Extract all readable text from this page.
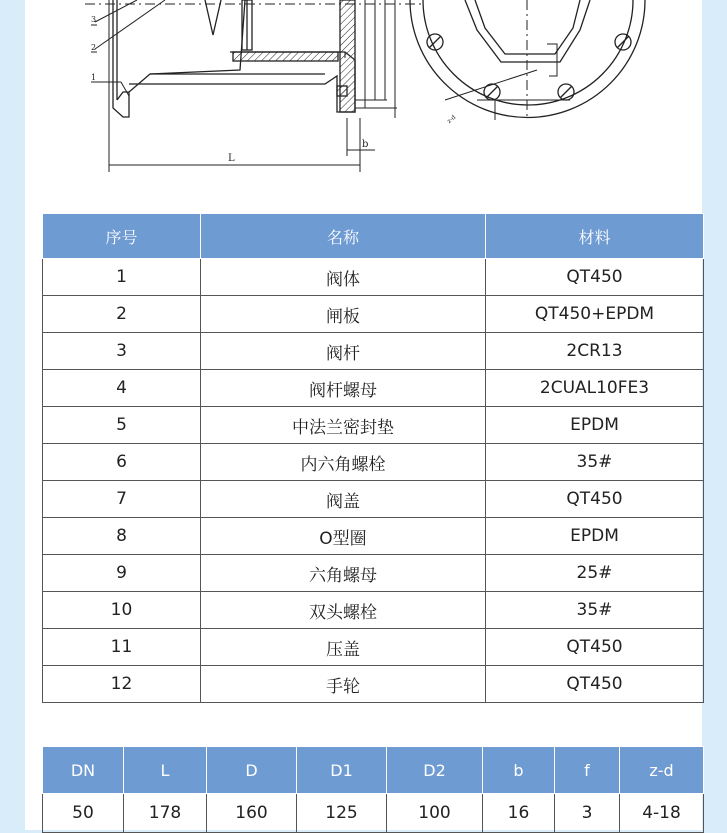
3
2
1
L
b
z-d
序号	名称	材料
1	阀体	QT450
2	闸板	QT450+EPDM
3	阀杆	2CR13
4	阀杆螺母	2CUAL10FE3
5	中法兰密封垫	EPDM
6	内六角螺栓	35#
7	阀盖	QT450
8	O型圈	EPDM
9	六角螺母	25#
10	双头螺栓	35#
11	压盖	QT450
12	手轮	QT450
DN	L	D	D1	D2	b	f	z-d
50	178	160	125	100	16	3	4-18
